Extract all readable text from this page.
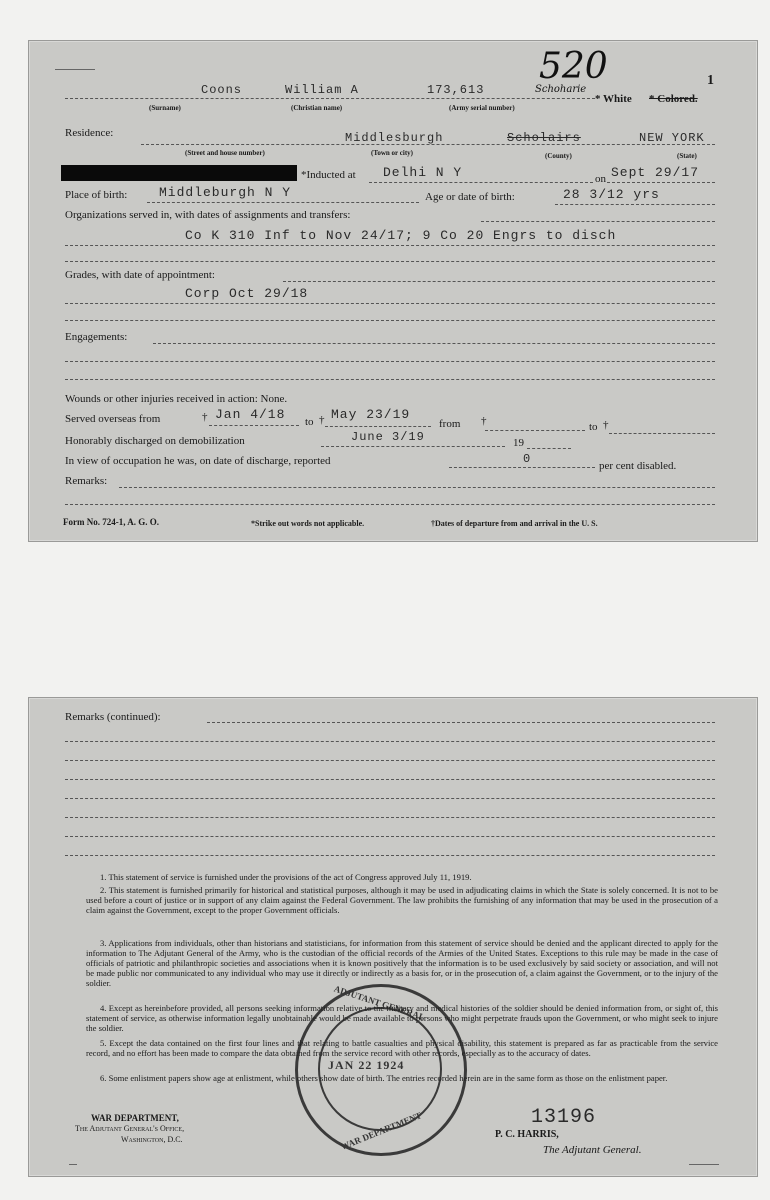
520	1
Coons	William A	173,613	Schoharie
* White * Colored.
(Surname)	(Christian name)	(Army serial number)
Residence:	Middlesburgh	Scholairs	NEW YORK
(Street and house number)	(Town or city)	(County)	(State)
*Inducted at Delhi N Y	on Sept 29/17
Place of birth: Middleburgh N Y	Age or date of birth:	28 3/12 yrs
Organizations served in, with dates of assignments and transfers:
Co K 310 Inf to Nov 24/17; 9 Co 20 Engrs to disch
Grades, with date of appointment:
Corp Oct 29/18
Engagements:
Wounds or other injuries received in action: None.
Served overseas from	† Jan 4/18 to † May 23/19
from †	to †
Honorably discharged on demobilization	June 3/19	19
In view of occupation he was, on date of discharge, reported	0	per cent disabled.
Remarks:
Form No. 724-1, A. G. O.	*Strike out words not applicable.	†Dates of departure from and arrival in the U. S.
Remarks (continued):
1. This statement of service is furnished under the provisions of the act of Congress approved July 11, 1919.
2. This statement is furnished primarily for historical and statistical purposes, although it may be used in adjudicating claims in which the State is solely concerned. It is not to be used before a court of justice or in support of any claim against the Federal Government. The law prohibits the furnishing of any information that may be used in the prosecution of a claim against the Government, except to the proper Government officials.
3. Applications from individuals, other than historians and statisticians, for information from this statement of service should be denied and the applicant directed to apply for the information to The Adjutant General of the Army, who is the custodian of the official records of the Armies of the United States. Exceptions to this rule may be made in the case of officials of patriotic and philanthropic societies and associations when it is known positively that the information is to be used exclusively by said society or association, and will not be made public nor communicated to any individual who may use it directly or indirectly as a basis for, or in the prosecution of, a claim against the Government, or to the injury of the soldier.
4. Except as hereinbefore provided, all persons seeking information relative to the military and medical histories of the soldier should be denied information from, or sight of, this statement of service, as otherwise information legally unobtainable would be made available to persons who might perpetrate frauds upon the Government, or who might seek to injure the soldier.
5. Except the data contained on the first four lines and that relating to battle casualties and physical disability, this statement is prepared as far as practicable from the service record, and no effort has been made to compare the data obtained from the service record with other records, especially as to the accuracy of dates.
6. Some enlistment papers show age at enlistment, while others show date of birth. The entries recorded herein are in the same form as those on the enlistment paper.
WAR DEPARTMENT,
The Adjutant General's Office,
Washington, D.C.
ADJUTANT GENERAL
JAN 22 1924
WAR DEPARTMENT	13196
P. C. HARRIS,
The Adjutant General.
